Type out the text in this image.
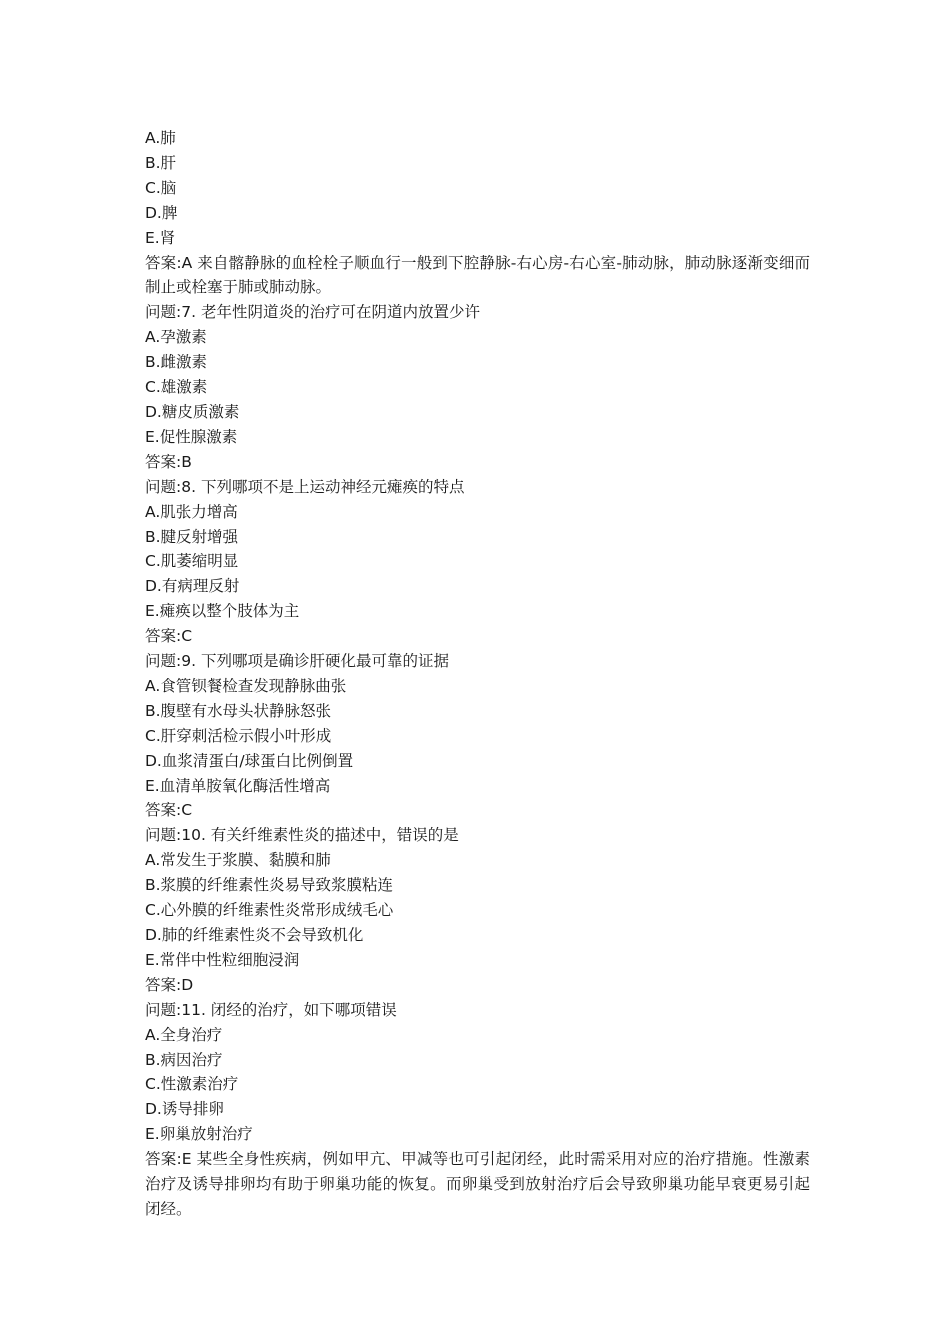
A.肺
B.肝
C.脑
D.脾
E.肾
答案:A 来自髂静脉的血栓栓子顺血行一般到下腔静脉-右心房-右心室-肺动脉，肺动脉逐渐变细而制止或栓塞于肺或肺动脉。
问题:7. 老年性阴道炎的治疗可在阴道内放置少许
A.孕激素
B.雌激素
C.雄激素
D.糖皮质激素
E.促性腺激素
答案:B
问题:8. 下列哪项不是上运动神经元瘫痪的特点
A.肌张力增高
B.腱反射增强
C.肌萎缩明显
D.有病理反射
E.瘫痪以整个肢体为主
答案:C
问题:9. 下列哪项是确诊肝硬化最可靠的证据
A.食管钡餐检查发现静脉曲张
B.腹壁有水母头状静脉怒张
C.肝穿刺活检示假小叶形成
D.血浆清蛋白/球蛋白比例倒置
E.血清单胺氧化酶活性增高
答案:C
问题:10. 有关纤维素性炎的描述中，错误的是
A.常发生于浆膜、黏膜和肺
B.浆膜的纤维素性炎易导致浆膜粘连
C.心外膜的纤维素性炎常形成绒毛心
D.肺的纤维素性炎不会导致机化
E.常伴中性粒细胞浸润
答案:D
问题:11. 闭经的治疗，如下哪项错误
A.全身治疗
B.病因治疗
C.性激素治疗
D.诱导排卵
E.卵巢放射治疗
答案:E 某些全身性疾病，例如甲亢、甲减等也可引起闭经，此时需采用对应的治疗措施。性激素治疗及诱导排卵均有助于卵巢功能的恢复。而卵巢受到放射治疗后会导致卵巢功能早衰更易引起闭经。
